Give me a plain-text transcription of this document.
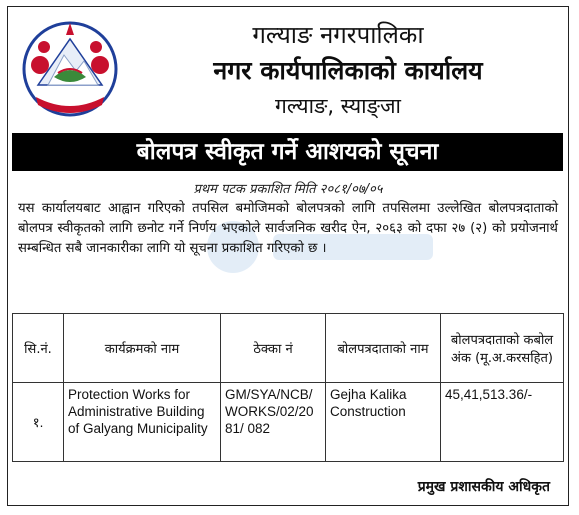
गल्याङ नगरपालिका
नगर कार्यपालिकाको कार्यालय
गल्याङ, स्याङ्जा
बोलपत्र स्वीकृत गर्ने आशयको सूचना
प्रथम पटक प्रकाशित मिति २०८१/०७/०५
यस कार्यालयबाट आह्वान गरिएको तपसिल बमोजिमको बोलपत्रको लागि तपसिलमा उल्लेखित बोलपत्रदाताको बोलपत्र स्वीकृतको लागि छनोट गर्ने निर्णय भएकोले सार्वजनिक खरीद ऐन, २०६३ को दफा २७ (२) को प्रयोजनार्थ सम्बन्धित सबै जानकारीका लागि यो सूचना प्रकाशित गरिएको छ ।
सि.नं.	कार्यक्रमको नाम	ठेक्का नं	बोलपत्रदाताको नाम	बोलपत्रदाताको कबोल अंक (मू.अ.करसहित)
१.	Protection Works for Administrative Building of Galyang Municipality	GM/SYA/NCB/WORKS/02/2081/ 082	Gejha Kalika Construction	45,41,513.36/-
प्रमुख प्रशासकीय अधिकृत
